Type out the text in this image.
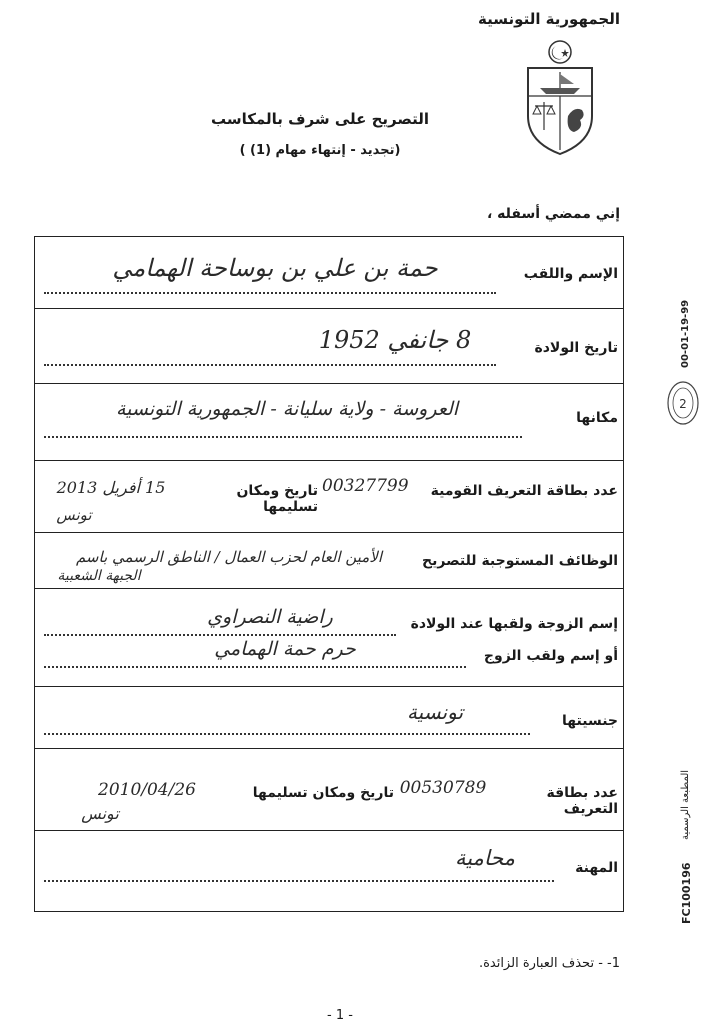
الجمهورية التونسية
التصريح على شرف بالمكاسب
(تجديد - إنتهاء مهام (1) )
إني ممضي أسفله ،
الإسم واللقب
حمة بن علي بن بوساحة الهمامي
تاريخ الولادة
8 جانفي 1952
مكانها
العروسة - ولاية سليانة - الجمهورية التونسية
عدد بطاقة التعريف القومية
00327799
تاريخ ومكان تسليمها
15 أفريل 2013
تونس
الوظائف المستوجبة للتصريح
الأمين العام لحزب العمال / الناطق الرسمي باسم
الجبهة الشعبية
إسم الزوجة ولقبها عند الولادة
راضية النصراوي
أو إسم ولقب الزوج
حرم حمة الهمامي
جنسيتها
تونسية
عدد بطاقة التعريف
00530789
تاريخ ومكان تسليمها
2010/04/26
تونس
المهنة
محامية
1- - تحذف العبارة الزائدة.
- 1 -
00-01-19-99
2
المطبعة الرسمية
FC100196
